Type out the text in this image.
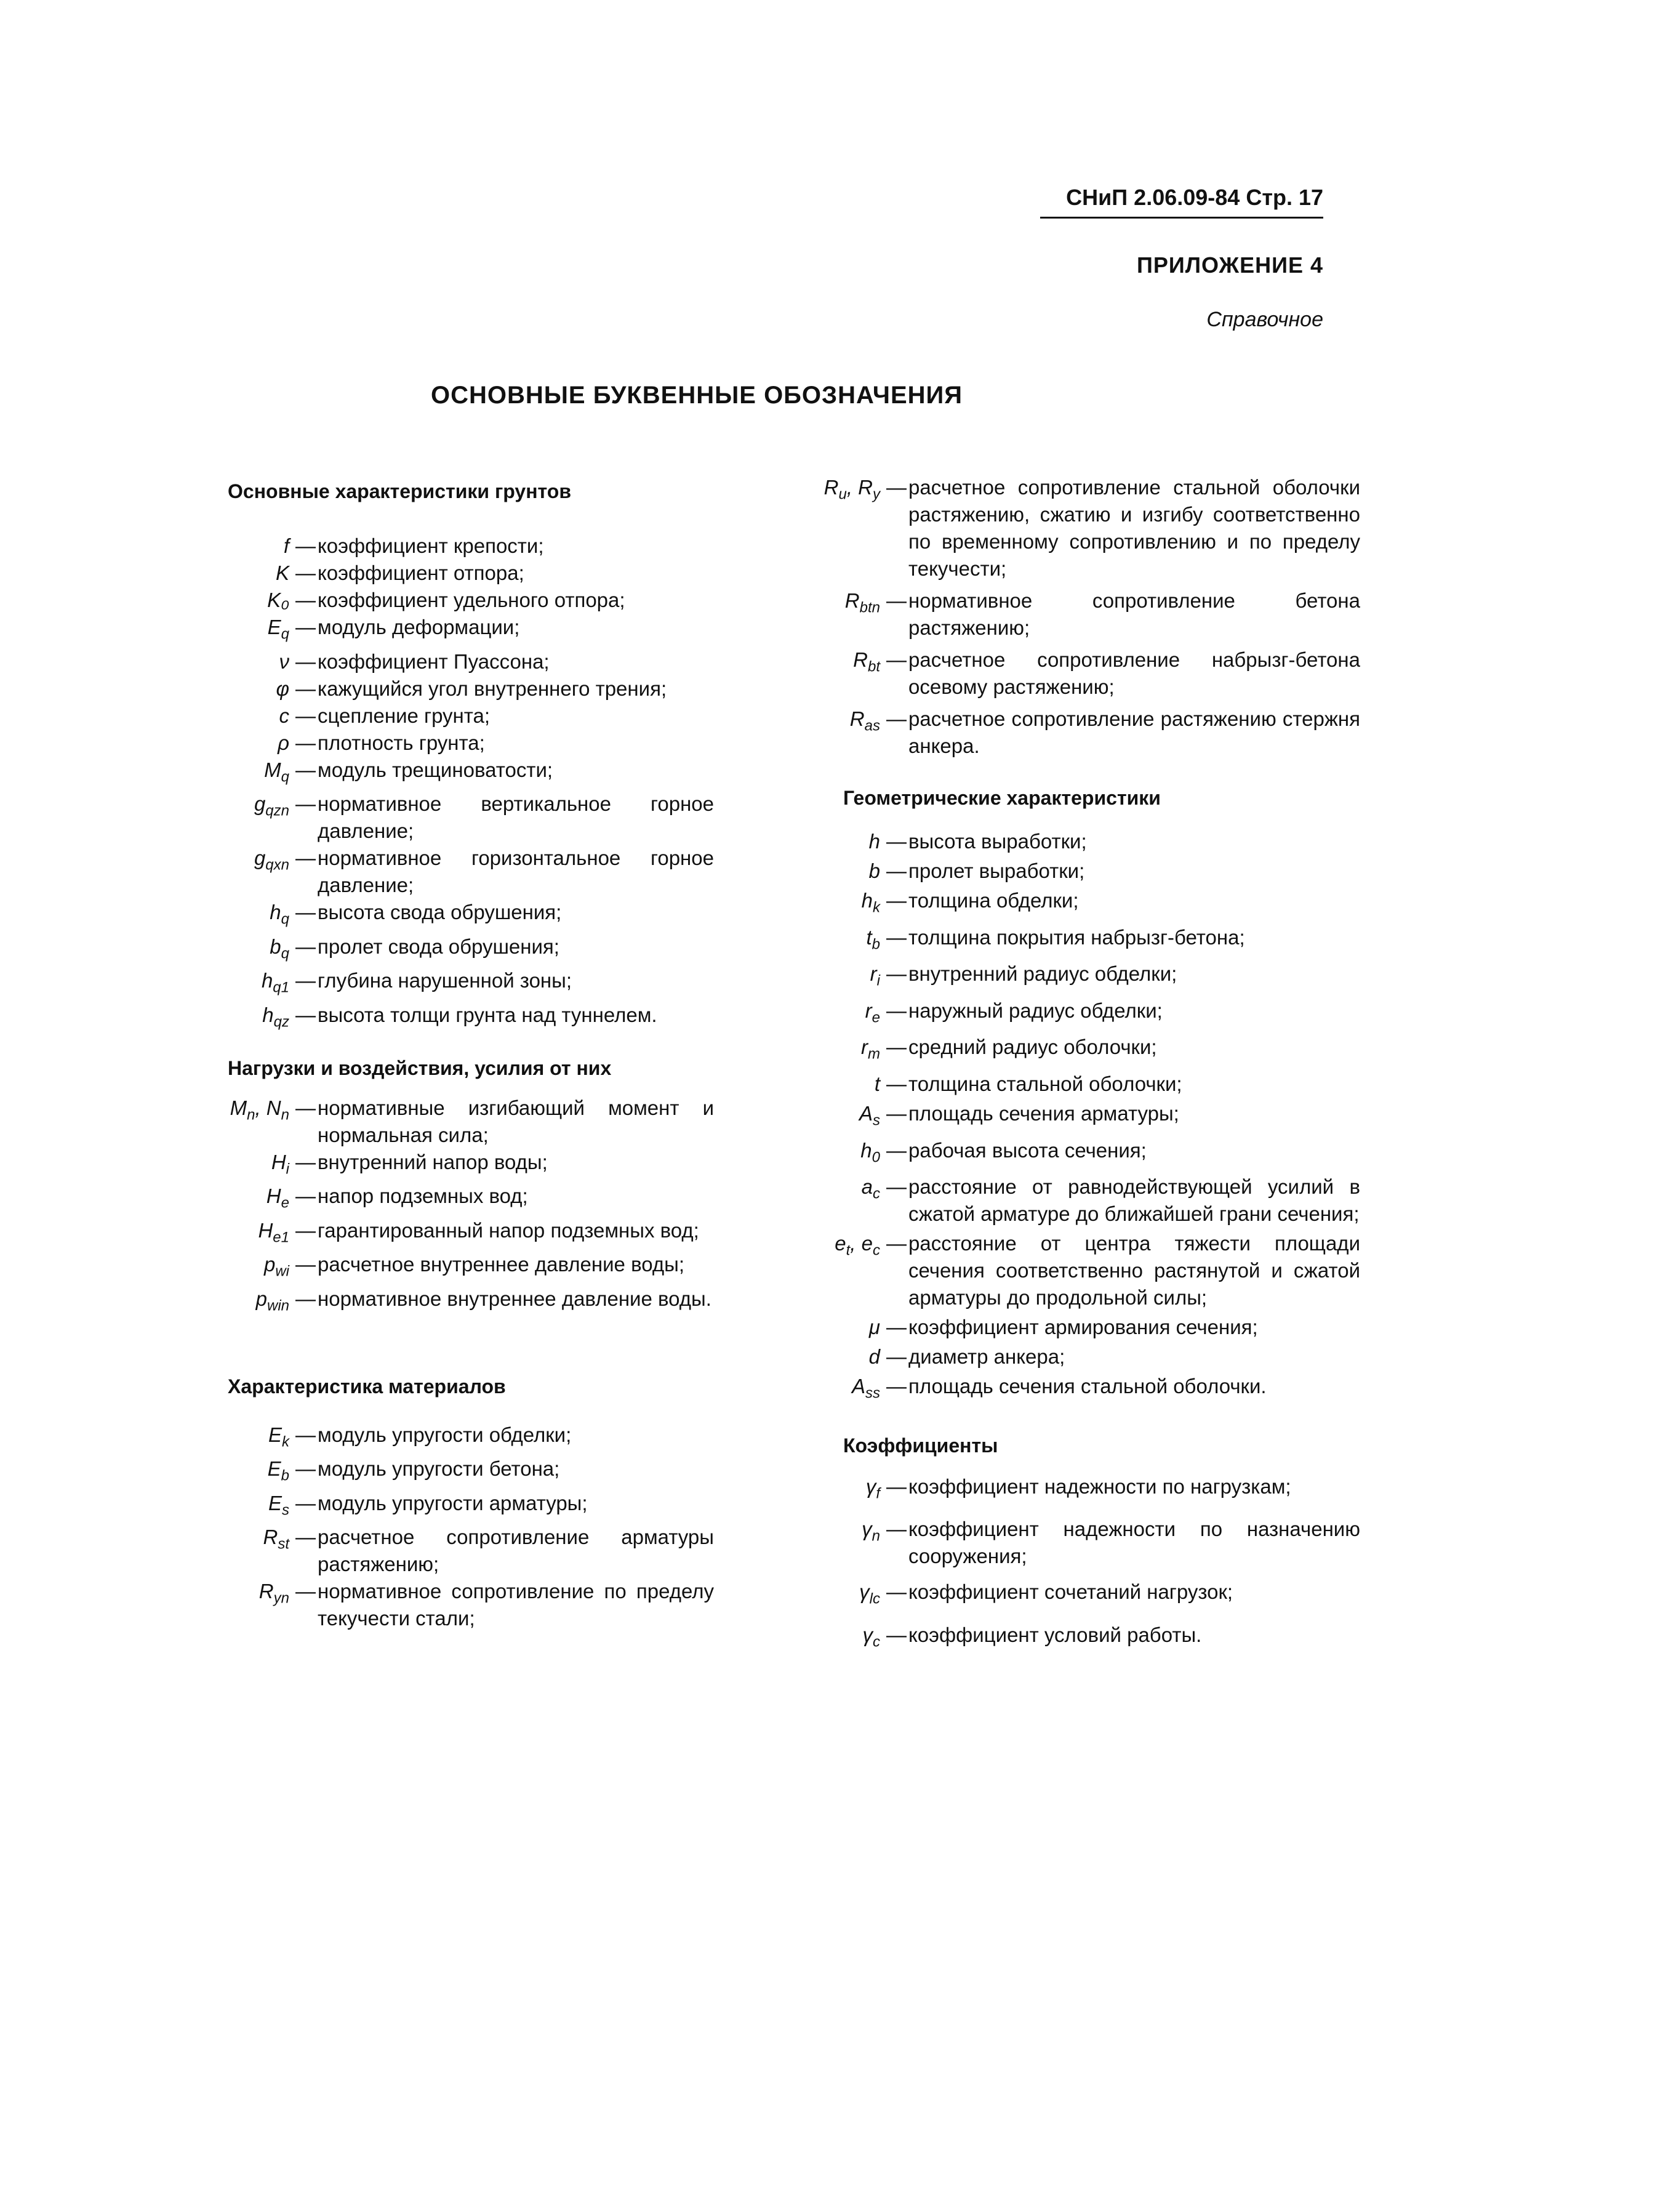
СНиП 2.06.09-84 Стр. 17
ПРИЛОЖЕНИЕ 4
Справочное
ОСНОВНЫЕ БУКВЕННЫЕ ОБОЗНАЧЕНИЯ
Основные характеристики грунтов
f — коэффициент крепости;
K — коэффициент отпора;
K₀ — коэффициент удельного отпора;
$E_q$ — модуль деформации;
ν — коэффициент Пуассона;
φ — кажущийся угол внутреннего трения;
c — сцепление грунта;
ρ — плотность грунта;
$M_q$ — модуль трещиноватости;
$g_{qzn}$ — нормативное вертикальное горное давление;
$g_{qxn}$ — нормативное горизонтальное горное давление;
$h_q$ — высота свода обрушения;
$b_q$ — пролет свода обрушения;
$h_{q1}$ — глубина нарушенной зоны;
$h_{qz}$ — высота толщи грунта над туннелем.
Нагрузки и воздействия, усилия от них
$M_n$, $N_n$ — нормативные изгибающий момент и нормальная сила;
$H_i$ — внутренний напор воды;
$H_e$ — напор подземных вод;
$H_{e1}$ — гарантированный напор подземных вод;
$p_{wi}$ — расчетное внутреннее давление воды;
$p_{win}$ — нормативное внутреннее давление воды.
Характеристика материалов
$E_k$ — модуль упругости обделки;
$E_b$ — модуль упругости бетона;
$E_s$ — модуль упругости арматуры;
$R_{st}$ — расчетное сопротивление арматуры растяжению;
$R_{yn}$ — нормативное сопротивление по пределу текучести стали;
$R_u$, $R_y$ — расчетное сопротивление стальной оболочки растяжению, сжатию и изгибу соответственно по временному сопротивлению и по пределу текучести;
$R_{btn}$ — нормативное сопротивление бетона растяжению;
$R_{bt}$ — расчетное сопротивление набрызг-бетона осевому растяжению;
$R_{as}$ — расчетное сопротивление растяжению стержня анкера.
Геометрические характеристики
h — высота выработки;
b — пролет выработки;
$h_k$ — толщина обделки;
$t_b$ — толщина покрытия набрызг-бетона;
$r_i$ — внутренний радиус обделки;
$r_e$ — наружный радиус обделки;
$r_m$ — средний радиус оболочки;
t — толщина стальной оболочки;
$A_s$ — площадь сечения арматуры;
$h_0$ — рабочая высота сечения;
$a_c$ — расстояние от равнодействующей усилий в сжатой арматуре до ближайшей грани сечения;
$e_t$, $e_c$ — расстояние от центра тяжести площади сечения соответственно растянутой и сжатой арматуры до продольной силы;
μ — коэффициент армирования сечения;
d — диаметр анкера;
$A_{ss}$ — площадь сечения стальной оболочки.
Коэффициенты
$\gamma_f$ — коэффициент надежности по нагрузкам;
$\gamma_n$ — коэффициент надежности по назначению сооружения;
$\gamma_{lc}$ — коэффициент сочетаний нагрузок;
$\gamma_c$ — коэффициент условий работы.
